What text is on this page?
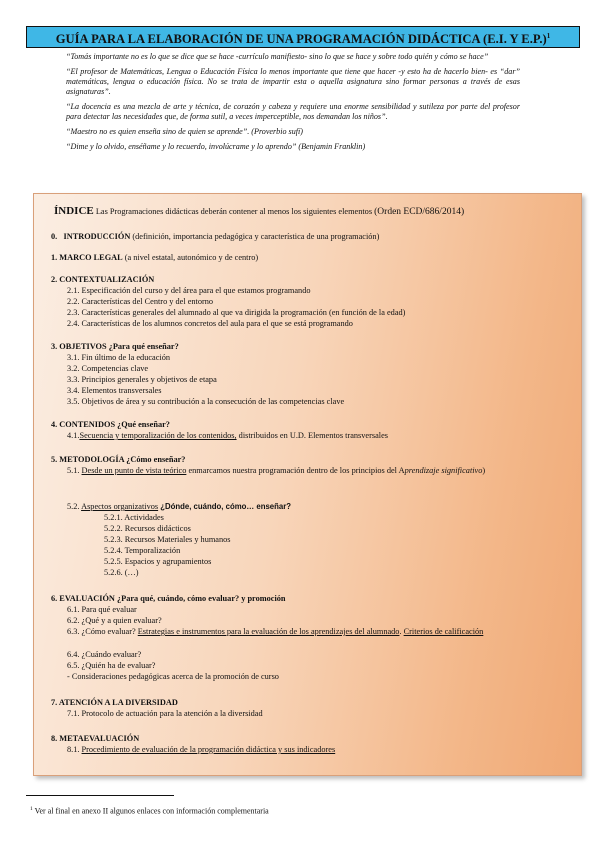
GUÍA PARA LA ELABORACIÓN DE UNA PROGRAMACIÓN DIDÁCTICA (E.I. Y E.P.)$^1$

“Tomás importante no es lo que se dice que se hace -currículo manifiesto- sino lo que se hace y sobre todo quién y cómo se hace”

“El profesor de Matemáticas, Lengua o Educación Física lo menos importante que tiene que hacer -y esto ha de hacerlo bien- es “dar” matemáticas, lengua o educación física. No se trata de impartir esta o aquella asignatura sino formar personas a través de esas asignaturas”.

“La docencia es una mezcla de arte y técnica, de corazón y cabeza y requiere una enorme sensibilidad y sutileza por parte del profesor para detectar las necesidades que, de forma sutil, a veces imperceptible, nos demandan los niños”.

“Maestro no es quien enseña sino de quien se aprende”. (Proverbio sufí)

“Dime y lo olvido, enséñame y lo recuerdo, involúcrame y lo aprendo” (Benjamin Franklin)

ÍNDICE Las Programaciones didácticas deberán contener al menos los siguientes elementos (Orden ECD/686/2014)
0. INTRODUCCIÓN (definición, importancia pedagógica y característica de una programación)
1. MARCO LEGAL (a nivel estatal, autonómico y de centro)
2. CONTEXTUALIZACIÓN
2.1. Especificación del curso y del área para el que estamos programando
2.2. Características del Centro y del entorno
2.3. Características generales del alumnado al que va dirigida la programación (en función de la edad)
2.4. Características de los alumnos concretos del aula para el que se está programando
3. OBJETIVOS ¿Para qué enseñar?
3.1. Fin último de la educación
3.2. Competencias clave
3.3. Principios generales y objetivos de etapa
3.4. Elementos transversales
3.5. Objetivos de área y su contribución a la consecución de las competencias clave
4. CONTENIDOS ¿Qué enseñar?
4.1.Secuencia y temporalización de los contenidos, distribuidos en U.D. Elementos transversales
5. METODOLOGÍA ¿Cómo enseñar?
5.1. Desde un punto de vista teórico enmarcamos nuestra programación dentro de los principios del Aprendizaje significativo)
5.2. Aspectos organizativos ¿Dónde, cuándo, cómo… enseñar?
5.2.1. Actividades
5.2.2. Recursos didácticos
5.2.3. Recursos Materiales y humanos
5.2.4. Temporalización
5.2.5. Espacios y agrupamientos
5.2.6. (…)
6. EVALUACIÓN ¿Para qué, cuándo, cómo evaluar? y promoción
6.1. Para qué evaluar
6.2. ¿Qué y a quien evaluar?
6.3. ¿Cómo evaluar? Estrategias e instrumentos para la evaluación de los aprendizajes del alumnado. Criterios de calificación
6.4. ¿Cuándo evaluar?
6.5. ¿Quién ha de evaluar?
- Consideraciones pedagógicas acerca de la promoción de curso
7. ATENCIÓN A LA DIVERSIDAD
7.1. Protocolo de actuación para la atención a la diversidad
8. METAEVALUACIÓN
8.1. Procedimiento de evaluación de la programación didáctica y sus indicadores
$^1$ Ver al final en anexo II algunos enlaces con información complementaria
